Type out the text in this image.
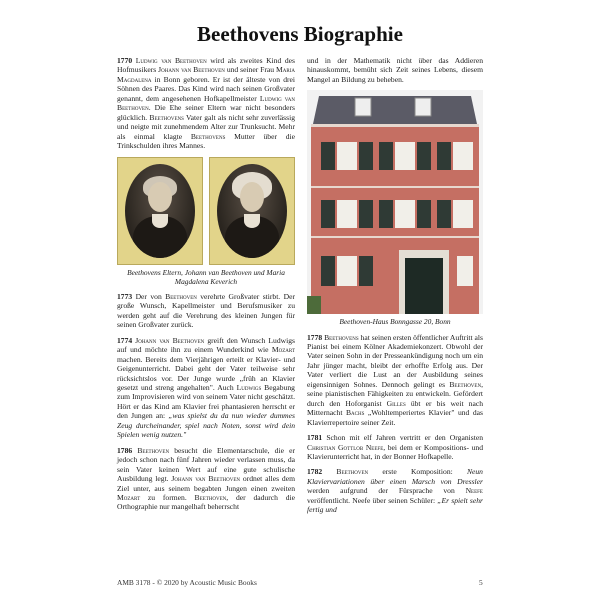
Beethovens Biographie

1770 Ludwig van Beethoven wird als zweites Kind des Hofmusikers Johann van Beethoven und seiner Frau Maria Magdalena in Bonn geboren. Er ist der älteste von drei Söhnen des Paares. Das Kind wird nach seinen Großvater genannt, dem angesehenen Hofkapellmeister Ludwig van Beethoven. Die Ehe seiner Eltern war nicht besonders glücklich. Beethovens Vater galt als nicht sehr zuverlässig und neigte mit zunehmendem Alter zur Trunksucht. Mehr als einmal klagte Beethovens Mutter über die Trinkschulden ihres Mannes.

Beethovens Eltern, Johann van Beethoven und Maria Magdalena Keverich

1773 Der von Beethoven verehrte Großvater stirbt. Der große Wunsch, Kapellmeister und Berufsmusiker zu werden geht auf die Verehrung des kleinen Jungen für seinen Großvater zurück.

1774 Johann van Beethoven greift den Wunsch Ludwigs auf und möchte ihn zu einem Wunderkind wie Mozart machen. Bereits dem Vierjährigen erteilt er Klavier- und Geigenunterricht. Dabei geht der Vater teilweise sehr rücksichtslos vor. Der Junge wurde „früh an Klavier gesetzt und streng angehalten". Auch Ludwigs Begabung zum Improvisieren wird von seinem Vater nicht geschätzt. Hört er das Kind am Klavier frei phantasieren herrscht er den Jungen an: „was spielst du da nun wieder dummes Zeug durcheinander, spiel nach Noten, sonst wird dein Spielen wenig nutzen."

1786 Beethoven besucht die Elementarschule, die er jedoch schon nach fünf Jahren wieder verlassen muss, da sein Vater keinen Wert auf eine gute schulische Ausbildung legt. Johann van Beethoven ordnet alles dem Ziel unter, aus seinem begabten Jungen einen zweiten Mozart zu formen. Beethoven, der dadurch die Orthographie nur mangelhaft beherrscht

und in der Mathematik nicht über das Addieren hinauskommt, bemüht sich Zeit seines Lebens, diesem Mangel an Bildung zu beheben.

Beethoven-Haus Bonngasse 20, Bonn

1778 Beethovens hat seinen ersten öffentlicher Auftritt als Pianist bei einem Kölner Akademiekonzert. Obwohl der Vater seinen Sohn in der Presseankündigung noch um ein Jahr jünger macht, bleibt der erhoffte Erfolg aus. Der Vater verliert die Lust an der Ausbildung seines eigensinnigen Sohnes. Dennoch gelingt es Beethoven, seine pianistischen Fähigkeiten zu entwickeln. Gefördert durch den Hoforganist Gilles übt er bis weit nach Mitternacht Bachs „Wohltemperiertes Klavier" und das Klavierrepertoire seiner Zeit.

1781 Schon mit elf Jahren vertritt er den Organisten Christian Gottlob Neefe, bei dem er Kompositions- und Klavierunterricht hat, in der Bonner Hofkapelle.

1782 Beethoven erste Komposition: Neun Klaviervariationen über einen Marsch von Dressler werden aufgrund der Fürsprache von Neefe veröffentlicht. Neefe über seinen Schüler: „Er spielt sehr fertig und

AMB 3178 - © 2020 by Acoustic Music Books	5
